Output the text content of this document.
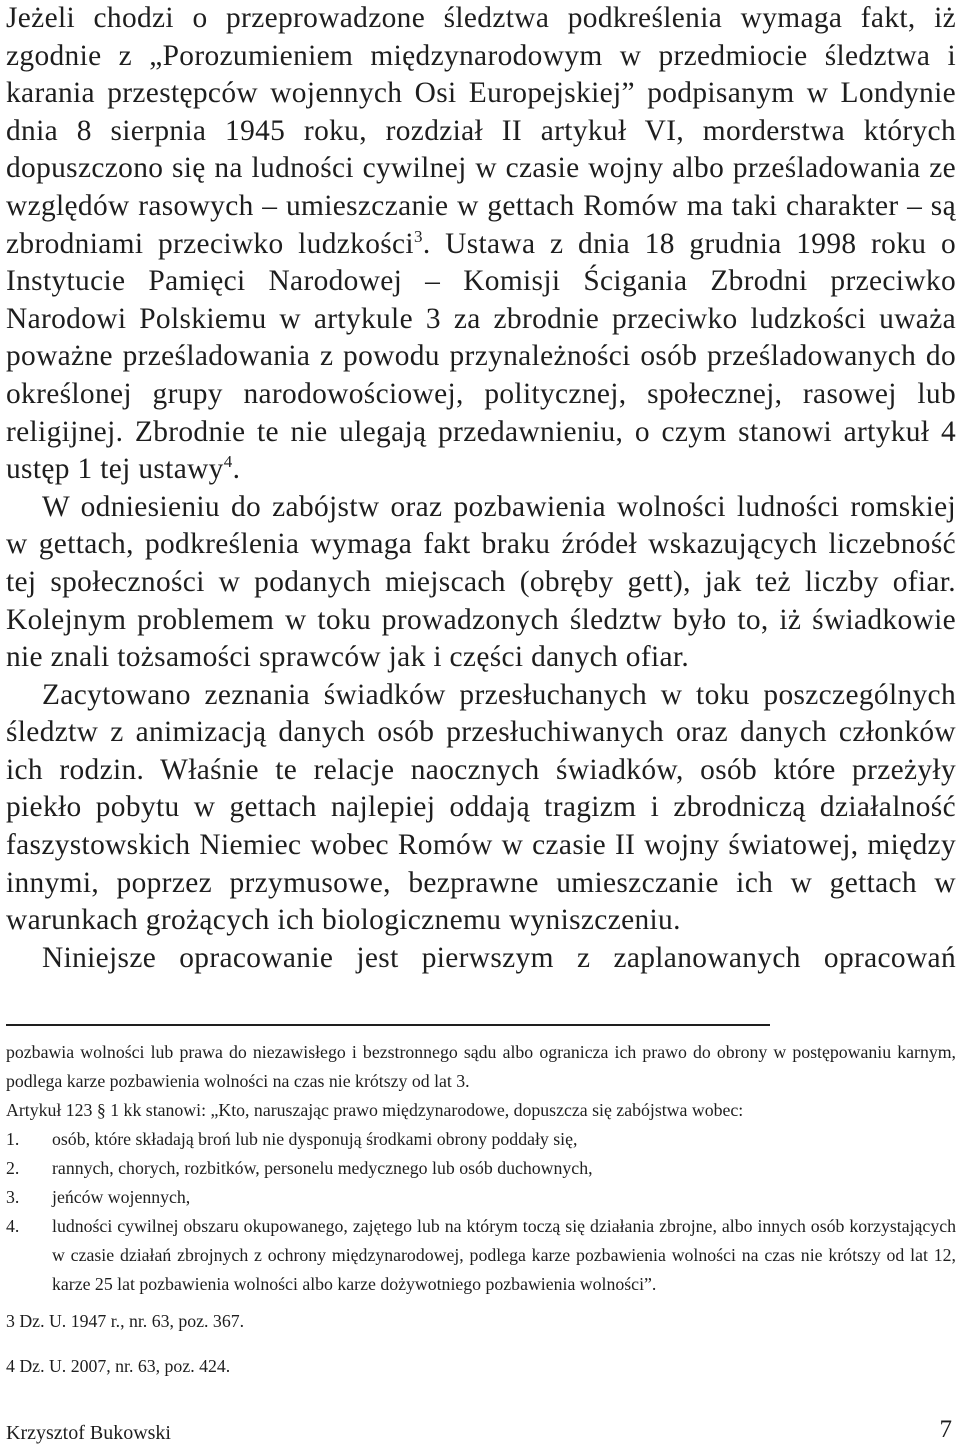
Jeżeli chodzi o przeprowadzone śledztwa podkreślenia wymaga fakt, iż zgodnie z „Porozumieniem międzynarodowym w przedmiocie śledztwa i karania przestępców wojennych Osi Europejskiej” podpisanym w Londynie dnia 8 sierpnia 1945 roku, rozdział II artykuł VI, morderstwa których dopuszczono się na ludności cywilnej w czasie wojny albo prześladowania ze względów rasowych – umieszczanie w gettach Romów ma taki charakter – są zbrodniami przeciwko ludzkości$^3$. Ustawa z dnia 18 grudnia 1998 roku o Instytucie Pamięci Narodowej – Komisji Ścigania Zbrodni przeciwko Narodowi Polskiemu w artykule 3 za zbrodnie przeciwko ludzkości uważa poważne prześladowania z powodu przynależności osób prześladowanych do określonej grupy narodowościowej, politycznej, społecznej, rasowej lub religijnej. Zbrodnie te nie ulegają przedawnieniu, o czym stanowi artykuł 4 ustęp 1 tej ustawy$^4$.

W odniesieniu do zabójstw oraz pozbawienia wolności ludności romskiej w gettach, podkreślenia wymaga fakt braku źródeł wskazujących liczebność tej społeczności w podanych miejscach (obręby gett), jak też liczby ofiar. Kolejnym problemem w toku prowadzonych śledztw było to, iż świadkowie nie znali tożsamości sprawców jak i części danych ofiar.

Zacytowano zeznania świadków przesłuchanych w toku poszczególnych śledztw z animizacją danych osób przesłuchiwanych oraz danych członków ich rodzin. Właśnie te relacje naocznych świadków, osób które przeżyły piekło pobytu w gettach najlepiej oddają tragizm i zbrodniczą działalność faszystowskich Niemiec wobec Romów w czasie II wojny światowej, między innymi, poprzez przymusowe, bezprawne umieszczanie ich w gettach w warunkach grożących ich biologicznemu wyniszczeniu.

Niniejsze opracowanie jest pierwszym z zaplanowanych opracowań

pozbawia wolności lub prawa do niezawisłego i bezstronnego sądu albo ogranicza ich prawo do obrony w postępowaniu karnym, podlega karze pozbawienia wolności na czas nie krótszy od lat 3.

Artykuł 123 § 1 kk stanowi: „Kto, naruszając prawo międzynarodowe, dopuszcza się zabójstwa wobec:

1. osób, które składają broń lub nie dysponują środkami obrony poddały się,
2. rannych, chorych, rozbitków, personelu medycznego lub osób duchownych,
3. jeńców wojennych,
4. ludności cywilnej obszaru okupowanego, zajętego lub na którym toczą się działania zbrojne, albo innych osób korzystających w czasie działań zbrojnych z ochrony międzynarodowej, podlega karze pozbawienia wolności na czas nie krótszy od lat 12, karze 25 lat pozbawienia wolności albo karze dożywotniego pozbawienia wolności”.

3 Dz. U. 1947 r., nr. 63, poz. 367.

4 Dz. U. 2007, nr. 63, poz. 424.

Krzysztof Bukowski	7
